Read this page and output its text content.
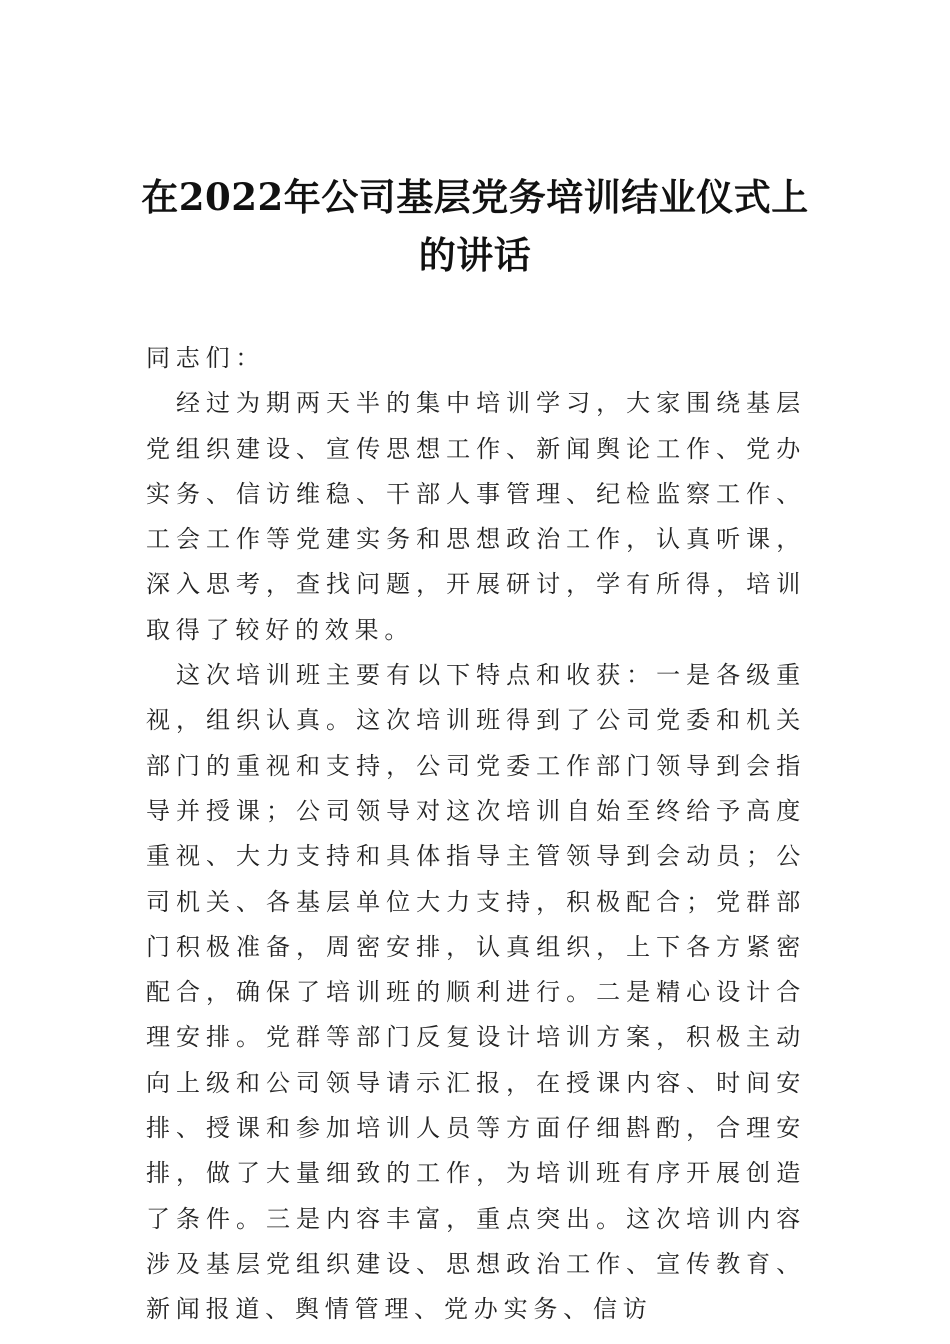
在2022年公司基层党务培训结业仪式上的讲话

同志们：

经过为期两天半的集中培训学习，大家围绕基层党组织建设、宣传思想工作、新闻舆论工作、党办实务、信访维稳、干部人事管理、纪检监察工作、工会工作等党建实务和思想政治工作，认真听课，深入思考，查找问题，开展研讨，学有所得，培训取得了较好的效果。

这次培训班主要有以下特点和收获：一是各级重视，组织认真。这次培训班得到了公司党委和机关部门的重视和支持，公司党委工作部门领导到会指导并授课；公司领导对这次培训自始至终给予高度重视、大力支持和具体指导主管领导到会动员；公司机关、各基层单位大力支持，积极配合；党群部门积极准备，周密安排，认真组织，上下各方紧密配合，确保了培训班的顺利进行。二是精心设计合理安排。党群等部门反复设计培训方案，积极主动向上级和公司领导请示汇报，在授课内容、时间安排、授课和参加培训人员等方面仔细斟酌，合理安排，做了大量细致的工作，为培训班有序开展创造了条件。三是内容丰富，重点突出。这次培训内容涉及基层党组织建设、思想政治工作、宣传教育、新闻报道、舆情管理、党办实务、信访
